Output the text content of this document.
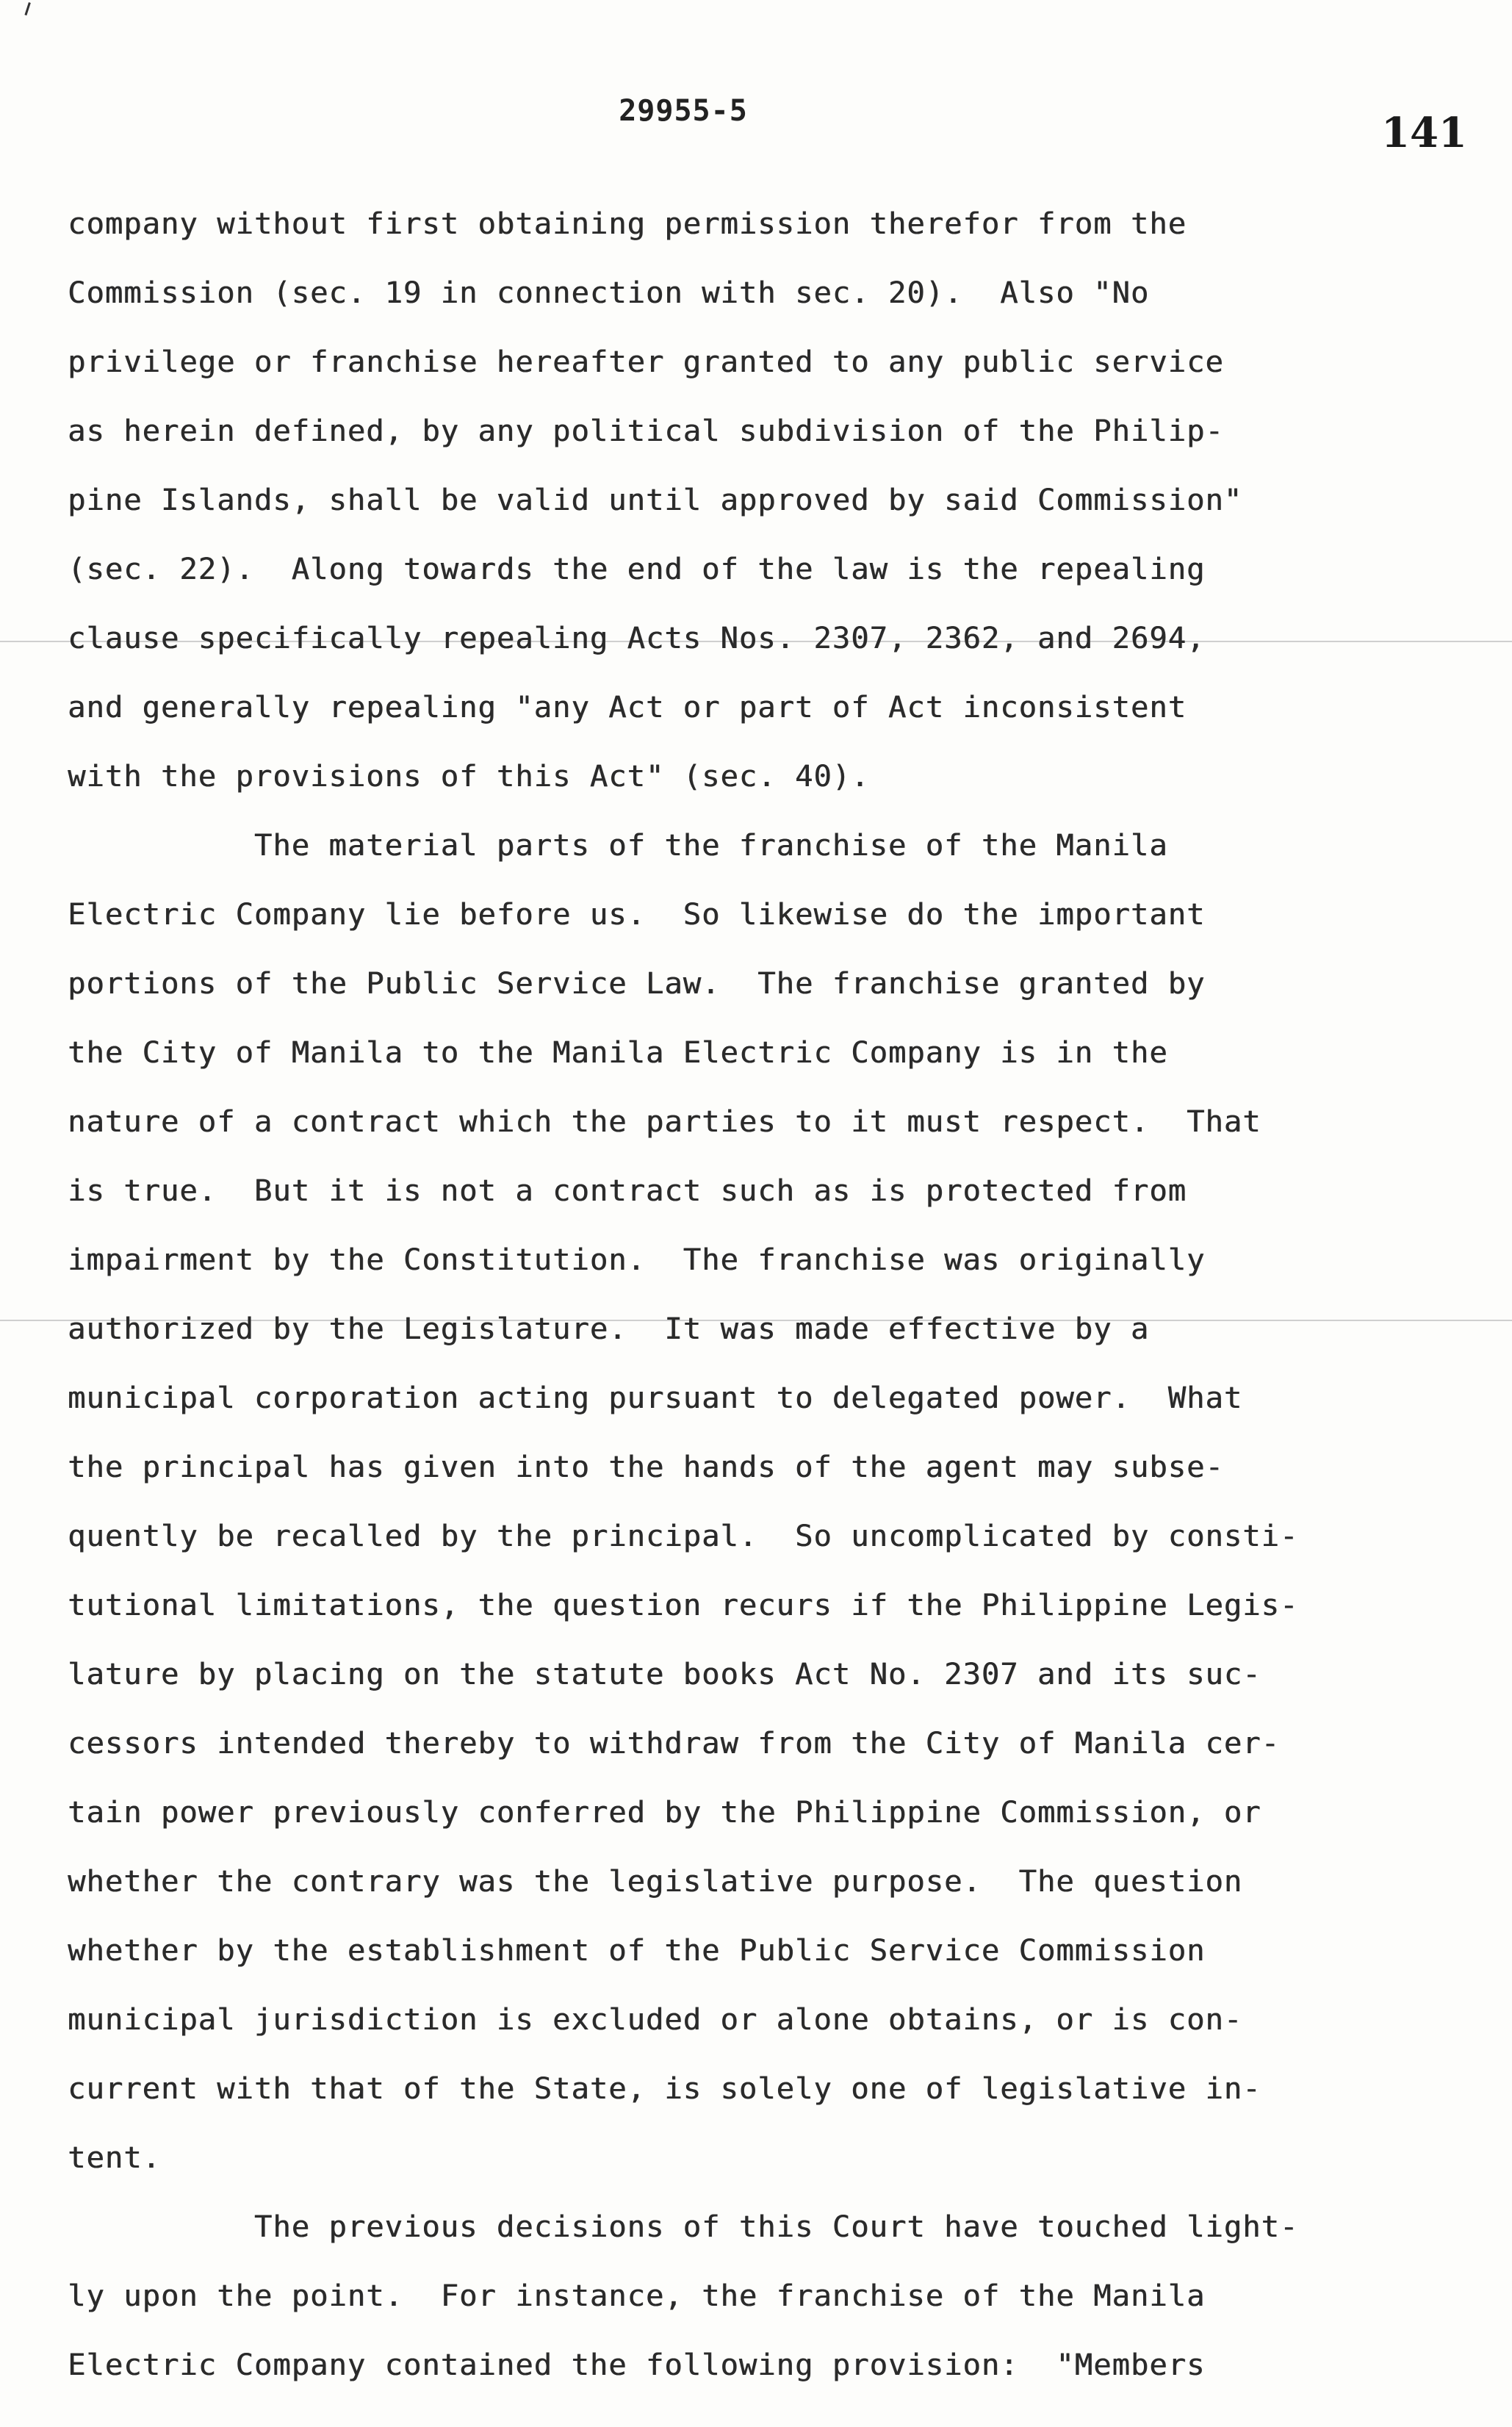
29955-5	141
company without first obtaining permission therefor from the
Commission (sec. 19 in connection with sec. 20).  Also "No
privilege or franchise hereafter granted to any public service
as herein defined, by any political subdivision of the Philip-
pine Islands, shall be valid until approved by said Commission"
(sec. 22).  Along towards the end of the law is the repealing
clause specifically repealing Acts Nos. 2307, 2362, and 2694,
and generally repealing "any Act or part of Act inconsistent
with the provisions of this Act" (sec. 40).
The material parts of the franchise of the Manila
Electric Company lie before us.  So likewise do the important
portions of the Public Service Law.  The franchise granted by
the City of Manila to the Manila Electric Company is in the
nature of a contract which the parties to it must respect.  That
is true.  But it is not a contract such as is protected from
impairment by the Constitution.  The franchise was originally
authorized by the Legislature.  It was made effective by a
municipal corporation acting pursuant to delegated power.  What
the principal has given into the hands of the agent may subse-
quently be recalled by the principal.  So uncomplicated by consti-
tutional limitations, the question recurs if the Philippine Legis-
lature by placing on the statute books Act No. 2307 and its suc-
cessors intended thereby to withdraw from the City of Manila cer-
tain power previously conferred by the Philippine Commission, or
whether the contrary was the legislative purpose.  The question
whether by the establishment of the Public Service Commission
municipal jurisdiction is excluded or alone obtains, or is con-
current with that of the State, is solely one of legislative in-
tent.
The previous decisions of this Court have touched light-
ly upon the point.  For instance, the franchise of the Manila
Electric Company contained the following provision:  "Members
